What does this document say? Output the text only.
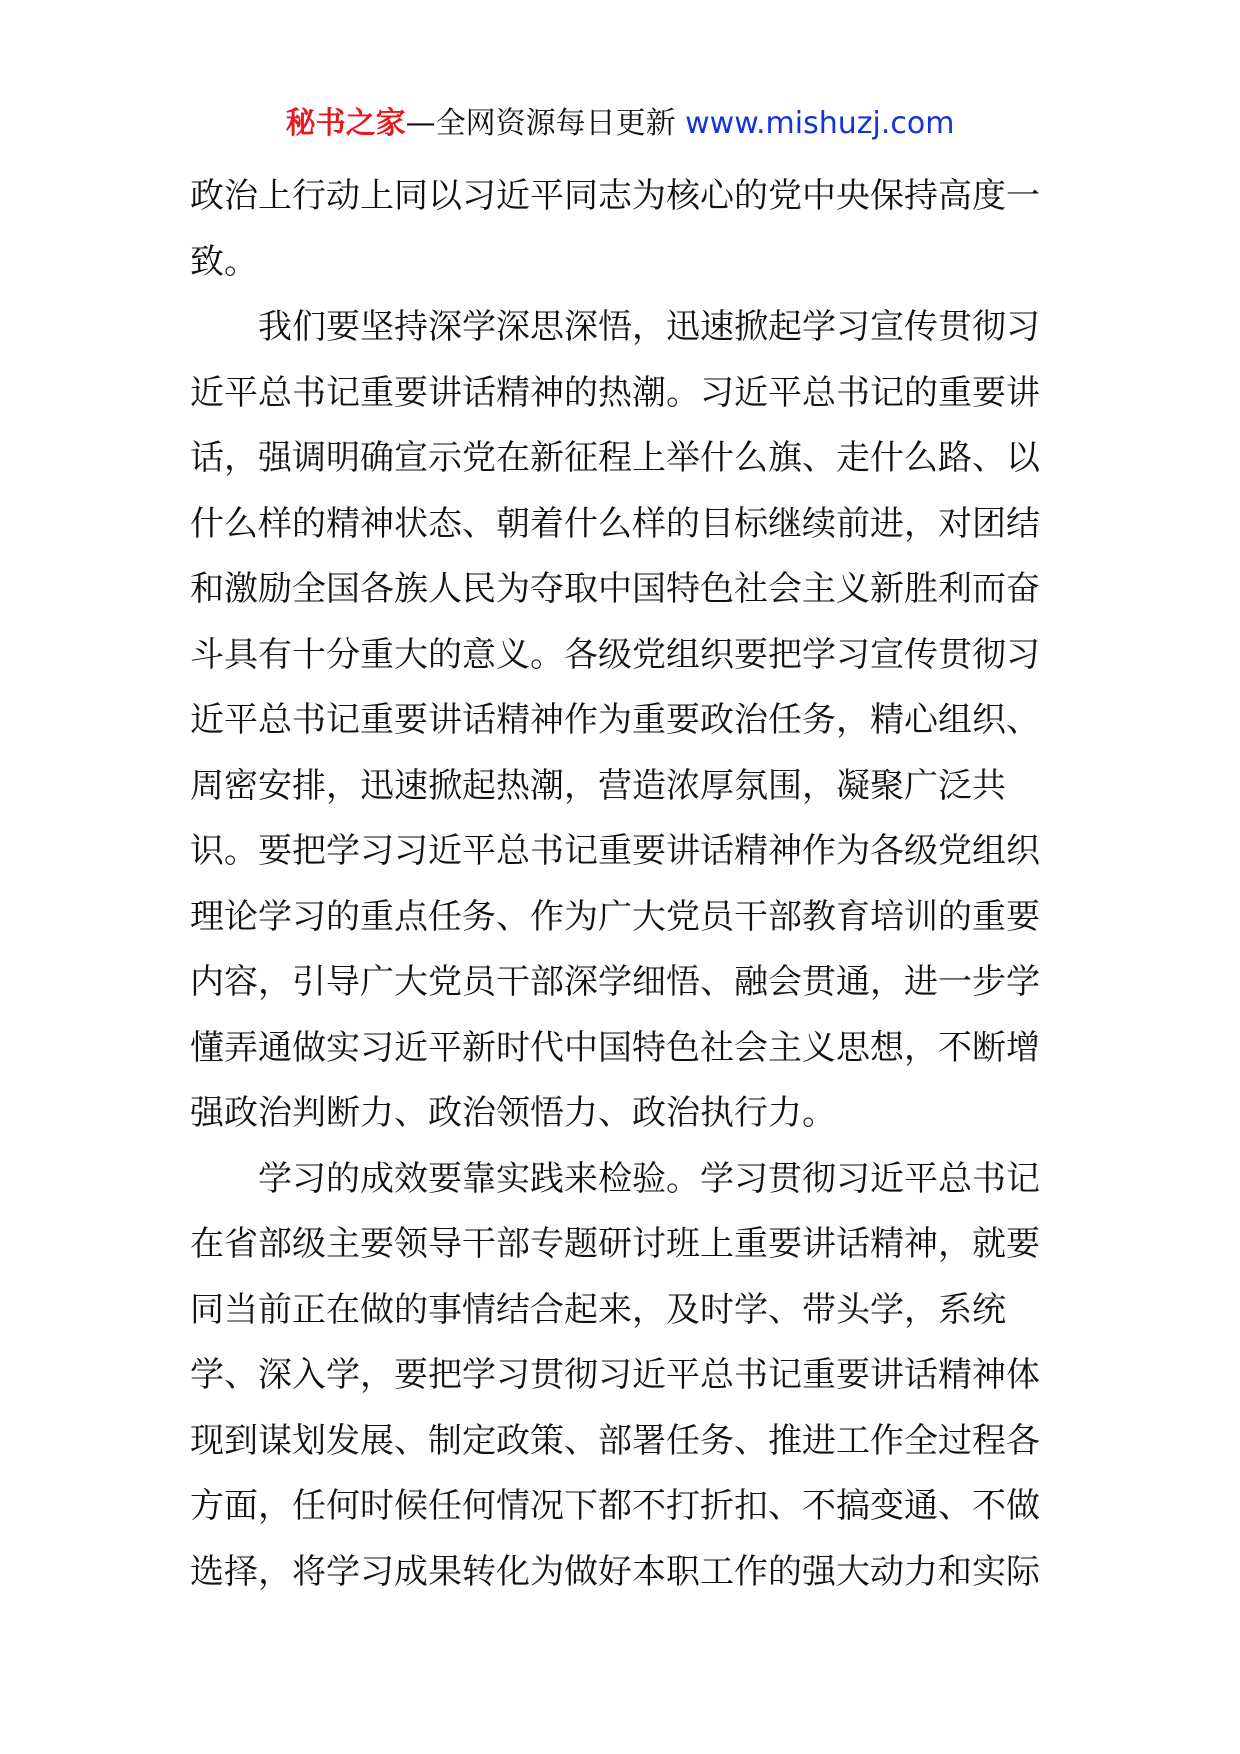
秘书之家—全网资源每日更新 www.mishuzj.com
政治上行动上同以习近平同志为核心的党中央保持高度一
致。
　　我们要坚持深学深思深悟，迅速掀起学习宣传贯彻习
近平总书记重要讲话精神的热潮。习近平总书记的重要讲
话，强调明确宣示党在新征程上举什么旗、走什么路、以
什么样的精神状态、朝着什么样的目标继续前进，对团结
和激励全国各族人民为夺取中国特色社会主义新胜利而奋
斗具有十分重大的意义。各级党组织要把学习宣传贯彻习
近平总书记重要讲话精神作为重要政治任务，精心组织、
周密安排，迅速掀起热潮，营造浓厚氛围，凝聚广泛共
识。要把学习习近平总书记重要讲话精神作为各级党组织
理论学习的重点任务、作为广大党员干部教育培训的重要
内容，引导广大党员干部深学细悟、融会贯通，进一步学
懂弄通做实习近平新时代中国特色社会主义思想，不断增
强政治判断力、政治领悟力、政治执行力。
　　学习的成效要靠实践来检验。学习贯彻习近平总书记
在省部级主要领导干部专题研讨班上重要讲话精神，就要
同当前正在做的事情结合起来，及时学、带头学，系统
学、深入学，要把学习贯彻习近平总书记重要讲话精神体
现到谋划发展、制定政策、部署任务、推进工作全过程各
方面，任何时候任何情况下都不打折扣、不搞变通、不做
选择，将学习成果转化为做好本职工作的强大动力和实际
